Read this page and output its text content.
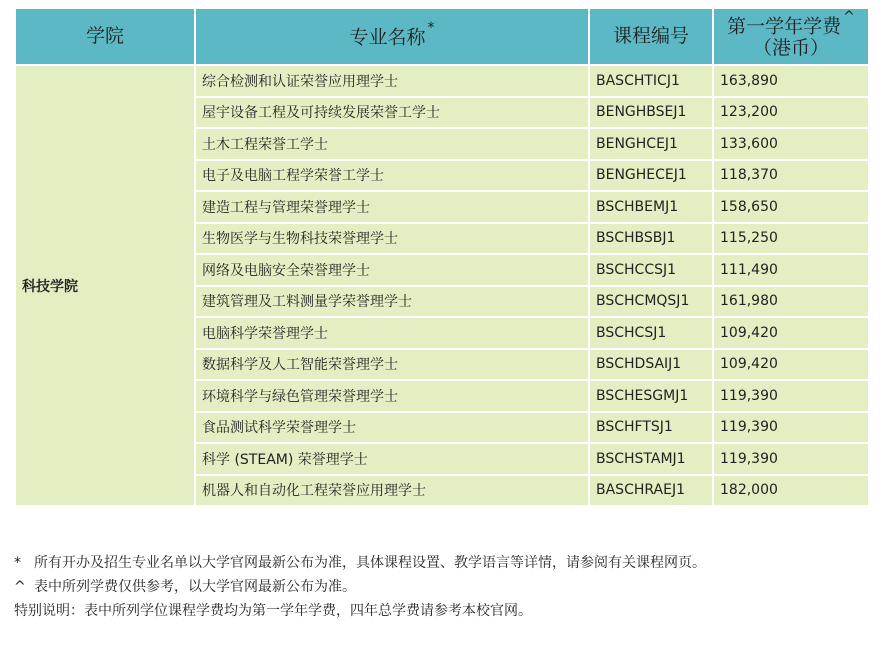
学院	专业名称 *	课程编号	第一学年学费 ^
（港币）
科技学院	综合检测和认证荣誉应用理学士	BASCHTICJ1	163,890
	屋宇设备工程及可持续发展荣誉工学士	BENGHBSEJ1	123,200
	土木工程荣誉工学士	BENGHCEJ1	133,600
	电子及电脑工程学荣誉工学士	BENGHECEJ1	118,370
	建造工程与管理荣誉理学士	BSCHBEMJ1	158,650
	生物医学与生物科技荣誉理学士	BSCHBSBJ1	115,250
	网络及电脑安全荣誉理学士	BSCHCCSJ1	111,490
	建筑管理及工料测量学荣誉理学士	BSCHCMQSJ1	161,980
	电脑科学荣誉理学士	BSCHCSJ1	109,420
	数据科学及人工智能荣誉理学士	BSCHDSAIJ1	109,420
	环境科学与绿色管理荣誉理学士	BSCHESGMJ1	119,390
	食品测试科学荣誉理学士	BSCHFTSJ1	119,390
	科学 (STEAM) 荣誉理学士	BSCHSTAMJ1	119,390
	机器人和自动化工程荣誉应用理学士	BASCHRAEJ1	182,000
* 所有开办及招生专业名单以大学官网最新公布为准，具体课程设置、教学语言等详情，请参阅有关课程网页。
^ 表中所列学费仅供参考，以大学官网最新公布为准。
特别说明：表中所列学位课程学费均为第一学年学费，四年总学费请参考本校官网。
